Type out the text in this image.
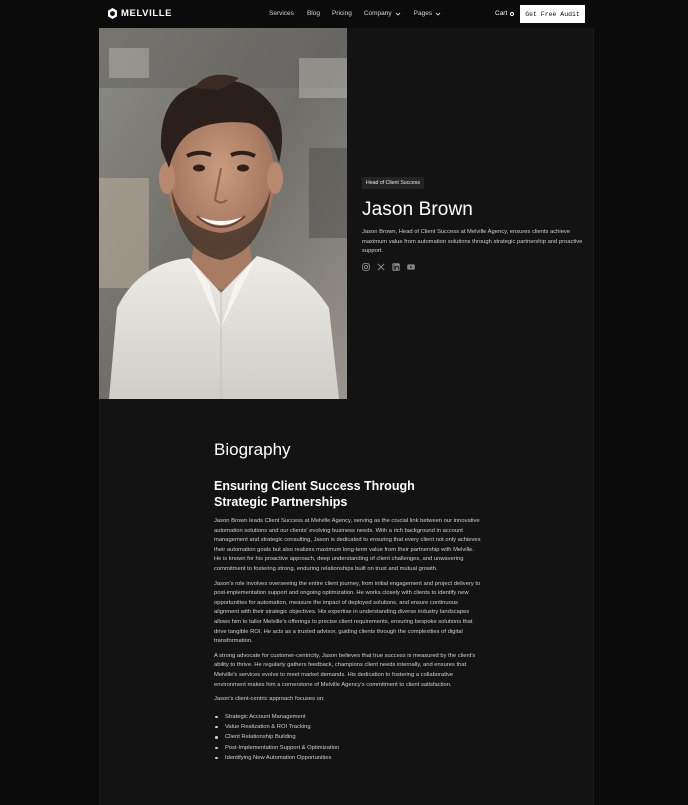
MELVILLE	Services Blog Pricing Company	Pages	Cart	Get Free Audit
Head of Client Success
Jason Brown

Jason Brown, Head of Client Success at Melville Agency, ensures clients achieve maximum value from automation solutions through strategic partnership and proactive support.

Biography
Ensuring Client Success Through Strategic Partnerships

Jason Brown leads Client Success at Melville Agency, serving as the crucial link between our innovative automation solutions and our clients' evolving business needs. With a rich background in account management and strategic consulting, Jason is dedicated to ensuring that every client not only achieves their automation goals but also realizes maximum long-term value from their partnership with Melville. He is known for his proactive approach, deep understanding of client challenges, and unwavering commitment to fostering strong, enduring relationships built on trust and mutual growth.

Jason's role involves overseeing the entire client journey, from initial engagement and project delivery to post-implementation support and ongoing optimization. He works closely with clients to identify new opportunities for automation, measure the impact of deployed solutions, and ensure continuous alignment with their strategic objectives. His expertise in understanding diverse industry landscapes allows him to tailor Melville's offerings to precise client requirements, ensuring bespoke solutions that drive tangible ROI. He acts as a trusted advisor, guiding clients through the complexities of digital transformation.

A strong advocate for customer-centricity, Jason believes that true success is measured by the client's ability to thrive. He regularly gathers feedback, champions client needs internally, and ensures that Melville's services evolve to meet market demands. His dedication to fostering a collaborative environment makes him a cornerstone of Melville Agency's commitment to client satisfaction.

Jason's client-centric approach focuses on:

Strategic Account Management
Value Realization & ROI Tracking
Client Relationship Building
Post-Implementation Support & Optimization
Identifying New Automation Opportunities
